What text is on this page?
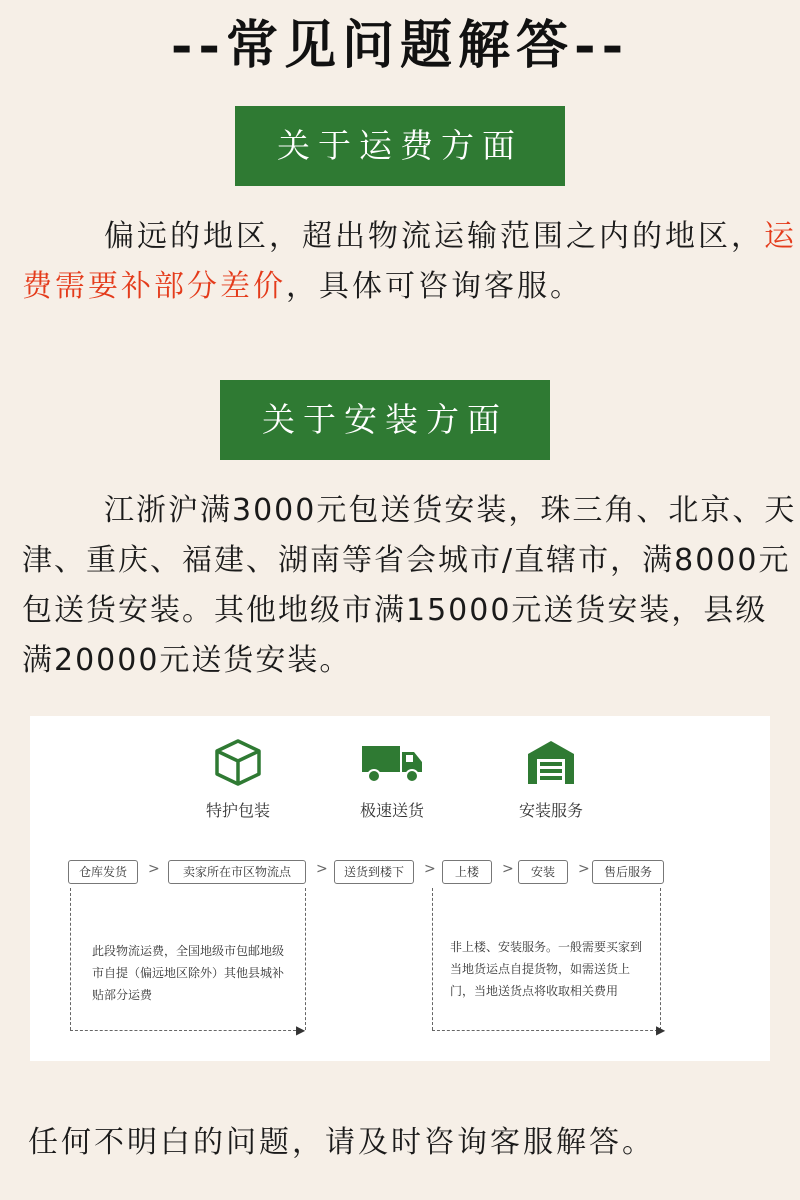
--常见问题解答--
关于运费方面
偏远的地区，超出物流运输范围之内的地区，运费需要补部分差价，具体可咨询客服。
关于安装方面
江浙沪满3000元包送货安装，珠三角、北京、天津、重庆、福建、湖南等省会城市/直辖市，满8000元包送货安装。其他地级市满15000元送货安装，县级满20000元送货安装。
特护包装	极速送货	安装服务
仓库发货	>	卖家所在市区物流点	>	送货到楼下	>	上楼	>	安装	>	售后服务
▶	▶
此段物流运费，全国地级市包邮地级市自提（偏远地区除外）其他县城补贴部分运费
非上楼、安装服务。一般需要买家到当地货运点自提货物，如需送货上门，当地送货点将收取相关费用
任何不明白的问题，请及时咨询客服解答。
